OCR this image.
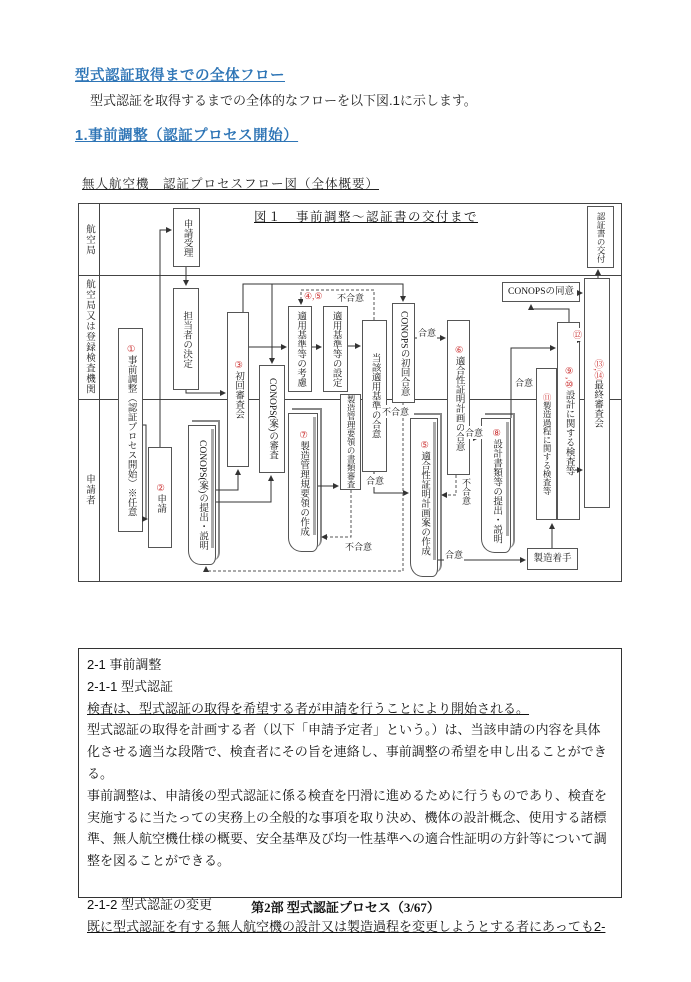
型式認証取得までの全体フロー
型式認証を取得するまでの全体的なフローを以下図.1に示します。
1.事前調整（認証プロセス開始）
無人航空機　認証プロセスフロー図（全体概要）
図１　事前調整～認証書の交付まで
航空局
航空局又は登録検査機関
申請者
申請受理	認証書の交付
担当者の決定	③初回審査会	CONOPS(案)の審査
適用基準等の考慮	適用基準等の設定
当該適用基準の合意
CONOPSの初回合意
製造管理要領の書類審査
⑥適合性証明計画の合意
CONOPSの同意
⑨,⑩設計に関する検査等
⑪製造過程に関する検査等
⑬,⑭最終審査会
製造着手
①事前調整（認証プロセス開始）※任意 ②申請	CONOPS(案)の提出・説明
⑦製造管理規要領の作成	⑤適合性証明計画案の作成
⑧設計書類等の提出・説明
④,⑤ 不合意
合意
不合意
合意
合意
不合意
合意
不合意
合意
⑫

2-1 事前調整

2-1-1 型式認証

検査は、型式認証の取得を希望する者が申請を行うことにより開始される。

型式認証の取得を計画する者（以下「申請予定者」という。）は、当該申請の内容を具体化させる適当な段階で、検査者にその旨を連絡し、事前調整の希望を申し出ることができる。

事前調整は、申請後の型式認証に係る検査を円滑に進めるために行うものであり、検査を実施するに当たっての実務上の全般的な事項を取り決め、機体の設計概念、使用する諸標準、無人航空機仕様の概要、安全基準及び均一性基準への適合性証明の方針等について調整を図ることができる。

2-1-2 型式認証の変更

既に型式認証を有する無人航空機の設計又は製造過程を変更しようとする者にあっても2-

第2部 型式認証プロセス（3/67）
